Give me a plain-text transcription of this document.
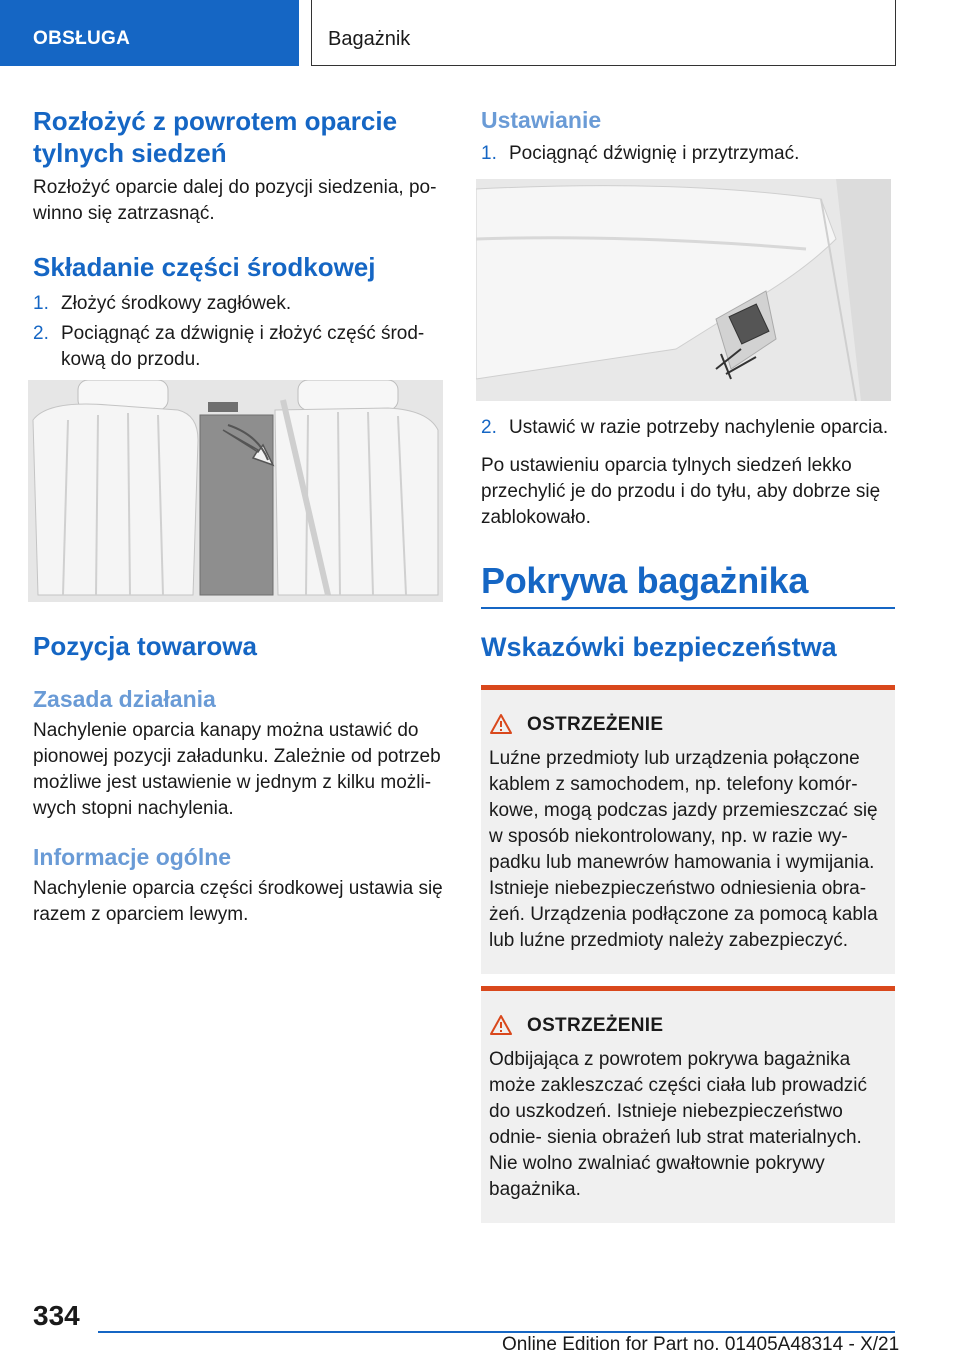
OBSŁUGA	Bagażnik
Rozłożyć z powrotem oparcie tylnych siedzeń

Rozłożyć oparcie dalej do pozycji siedzenia, po- winno się zatrzasnąć.

Składanie części środkowej
1. Złożyć środkowy zagłówek.
2. Pociągnąć za dźwignię i złożyć część środ- kową do przodu.
Pozycja towarowa
Zasada działania

Nachylenie oparcia kanapy można ustawić do pionowej pozycji załadunku. Zależnie od potrzeb możliwe jest ustawienie w jednym z kilku możli- wych stopni nachylenia.

Informacje ogólne

Nachylenie oparcia części środkowej ustawia się razem z oparciem lewym.

Ustawianie
1. Pociągnąć dźwignię i przytrzymać.
2. Ustawić w razie potrzeby nachylenie oparcia.

Po ustawieniu oparcia tylnych siedzeń lekko przechylić je do przodu i do tyłu, aby dobrze się zablokowało.

Pokrywa bagażnika
Wskazówki bezpieczeństwa
OSTRZEŻENIE

Luźne przedmioty lub urządzenia połączone kablem z samochodem, np. telefony komór- kowe, mogą podczas jazdy przemieszczać się w sposób niekontrolowany, np. w razie wy- padku lub manewrów hamowania i wymijania. Istnieje niebezpieczeństwo odniesienia obra- żeń. Urządzenia podłączone za pomocą kabla lub luźne przedmioty należy zabezpieczyć.

OSTRZEŻENIE

Odbijająca z powrotem pokrywa bagażnika może zakleszczać części ciała lub prowadzić do uszkodzeń. Istnieje niebezpieczeństwo odnie- sienia obrażeń lub strat materialnych. Nie wolno zwalniać gwałtownie pokrywy bagażnika.

334
Online Edition for Part no. 01405A48314 - X/21
